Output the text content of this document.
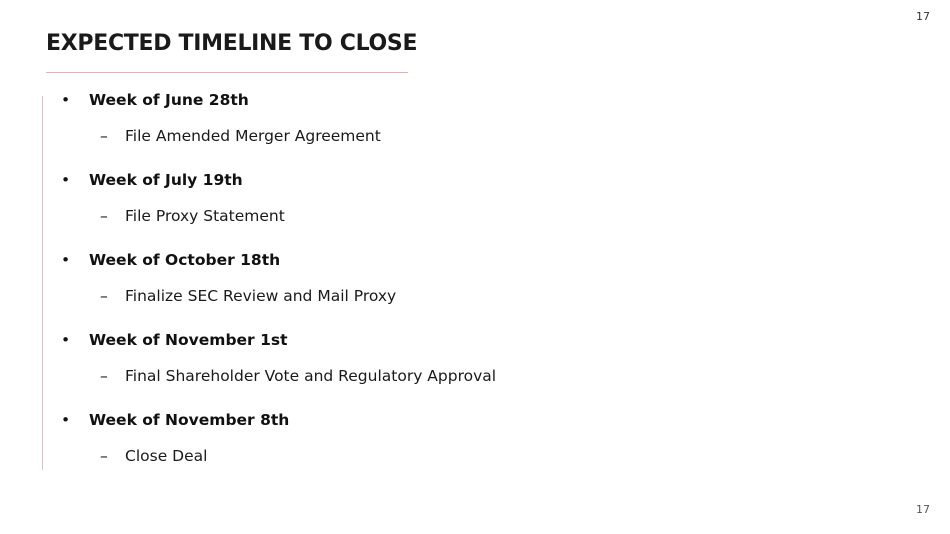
17
EXPECTED TIMELINE TO CLOSE
• Week of June 28th
– File Amended Merger Agreement
• Week of July 19th
– File Proxy Statement
• Week of October 18th
– Finalize SEC Review and Mail Proxy
• Week of November 1st
– Final Shareholder Vote and Regulatory Approval
• Week of November 8th
– Close Deal
17
